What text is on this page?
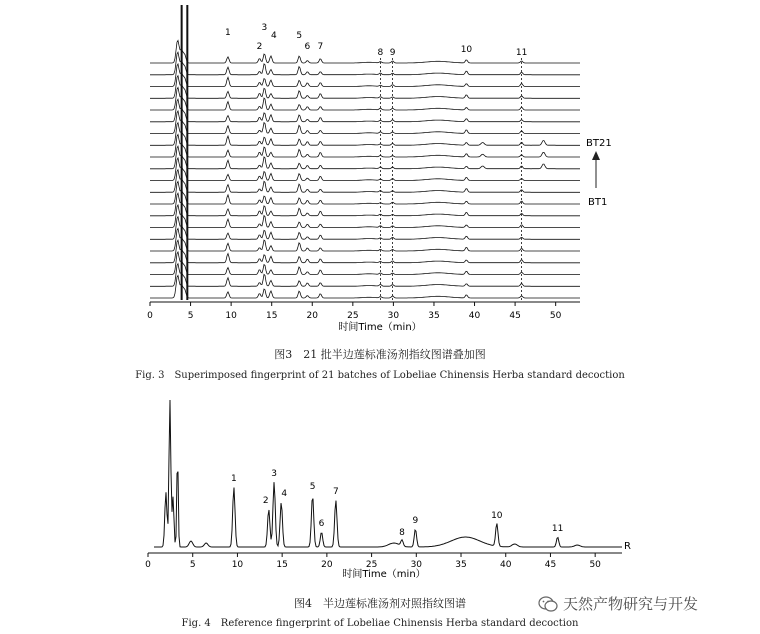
0	5	10	15	20	25	30	35	40	45	50
1
2
3
4 5
6 7
8 9	10	11
BT21
BT1
时间Time（min）
图3　21 批半边莲标准汤剂指纹图谱叠加图
Fig. 3　Superimposed fingerprint of 21 batches of Lobeliae Chinensis Herba standard decoction
0	5	10	15	20	25	30	35	40	45	50
1
2
3
4
5
6
7
8
9	10
11
R
时间Time（min）
图4　半边莲标准汤剂对照指纹图谱
Fig. 4　Reference fingerprint of Lobeliae Chinensis Herba standard decoction
天然产物研究与开发
